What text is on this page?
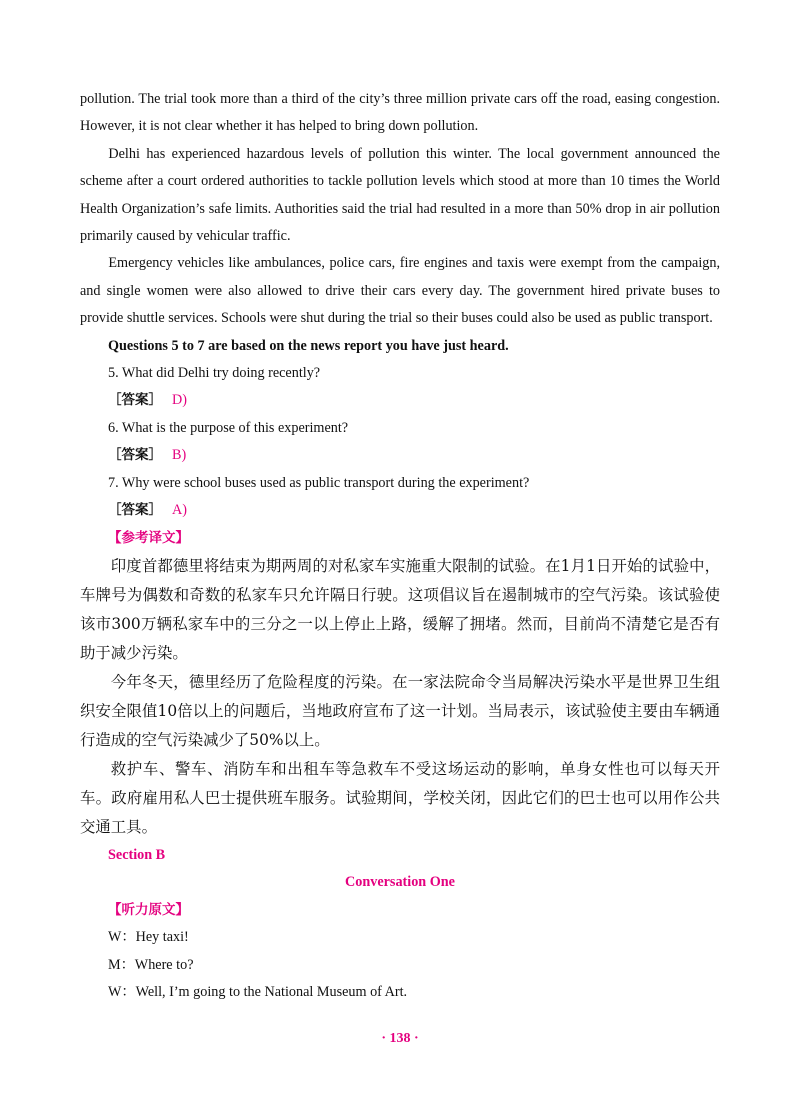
pollution. The trial took more than a third of the city’s three million private cars off the road, easing congestion. However, it is not clear whether it has helped to bring down pollution.

Delhi has experienced hazardous levels of pollution this winter. The local government announced the scheme after a court ordered authorities to tackle pollution levels which stood at more than 10 times the World Health Organization’s safe limits. Authorities said the trial had resulted in a more than 50% drop in air pollution primarily caused by vehicular traffic.

Emergency vehicles like ambulances, police cars, fire engines and taxis were exempt from the campaign, and single women were also allowed to drive their cars every day. The government hired private buses to provide shuttle services. Schools were shut during the trial so their buses could also be used as public transport.

Questions 5 to 7 are based on the news report you have just heard.

5. What did Delhi try doing recently?

［答案］ D)

6. What is the purpose of this experiment?

［答案］ B)

7. Why were school buses used as public transport during the experiment?

［答案］ A)

【参考译文】

印度首都德里将结束为期两周的对私家车实施重大限制的试验。在1月1日开始的试验中，车牌号为偶数和奇数的私家车只允许隔日行驶。这项倡议旨在遏制城市的空气污染。该试验使该市300万辆私家车中的三分之一以上停止上路，缓解了拥堵。然而，目前尚不清楚它是否有助于减少污染。

今年冬天，德里经历了危险程度的污染。在一家法院命令当局解决污染水平是世界卫生组织安全限值10倍以上的问题后，当地政府宣布了这一计划。当局表示，该试验使主要由车辆通行造成的空气污染减少了50%以上。

救护车、警车、消防车和出租车等急救车不受这场运动的影响，单身女性也可以每天开车。政府雇用私人巴士提供班车服务。试验期间，学校关闭，因此它们的巴士也可以用作公共交通工具。

Section B

Conversation One

【听力原文】

W：Hey taxi!

M：Where to?

W：Well, I’m going to the National Museum of Art.

· 138 ·
